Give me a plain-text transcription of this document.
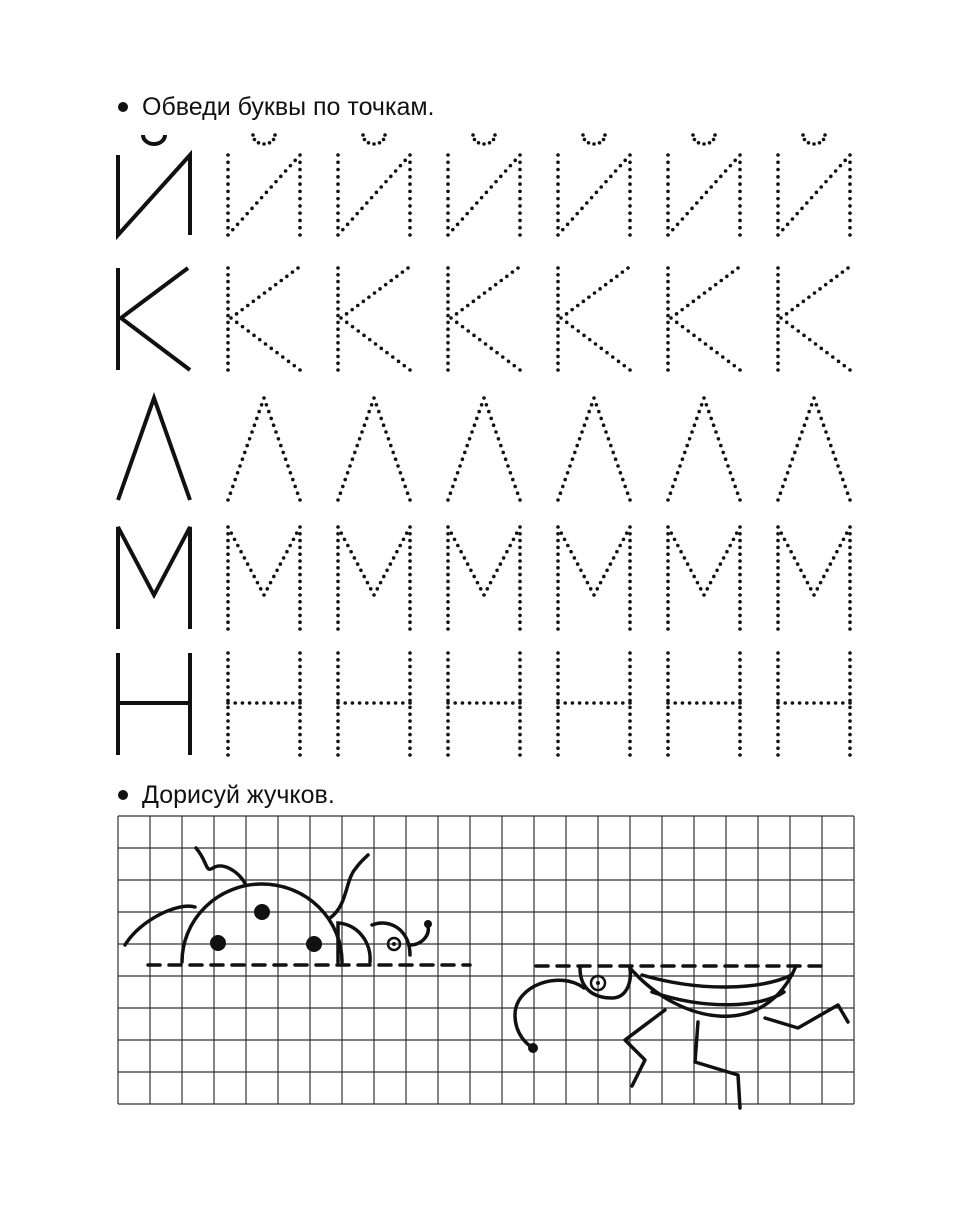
Обведи буквы по точкам.
Дорисуй жучков.
